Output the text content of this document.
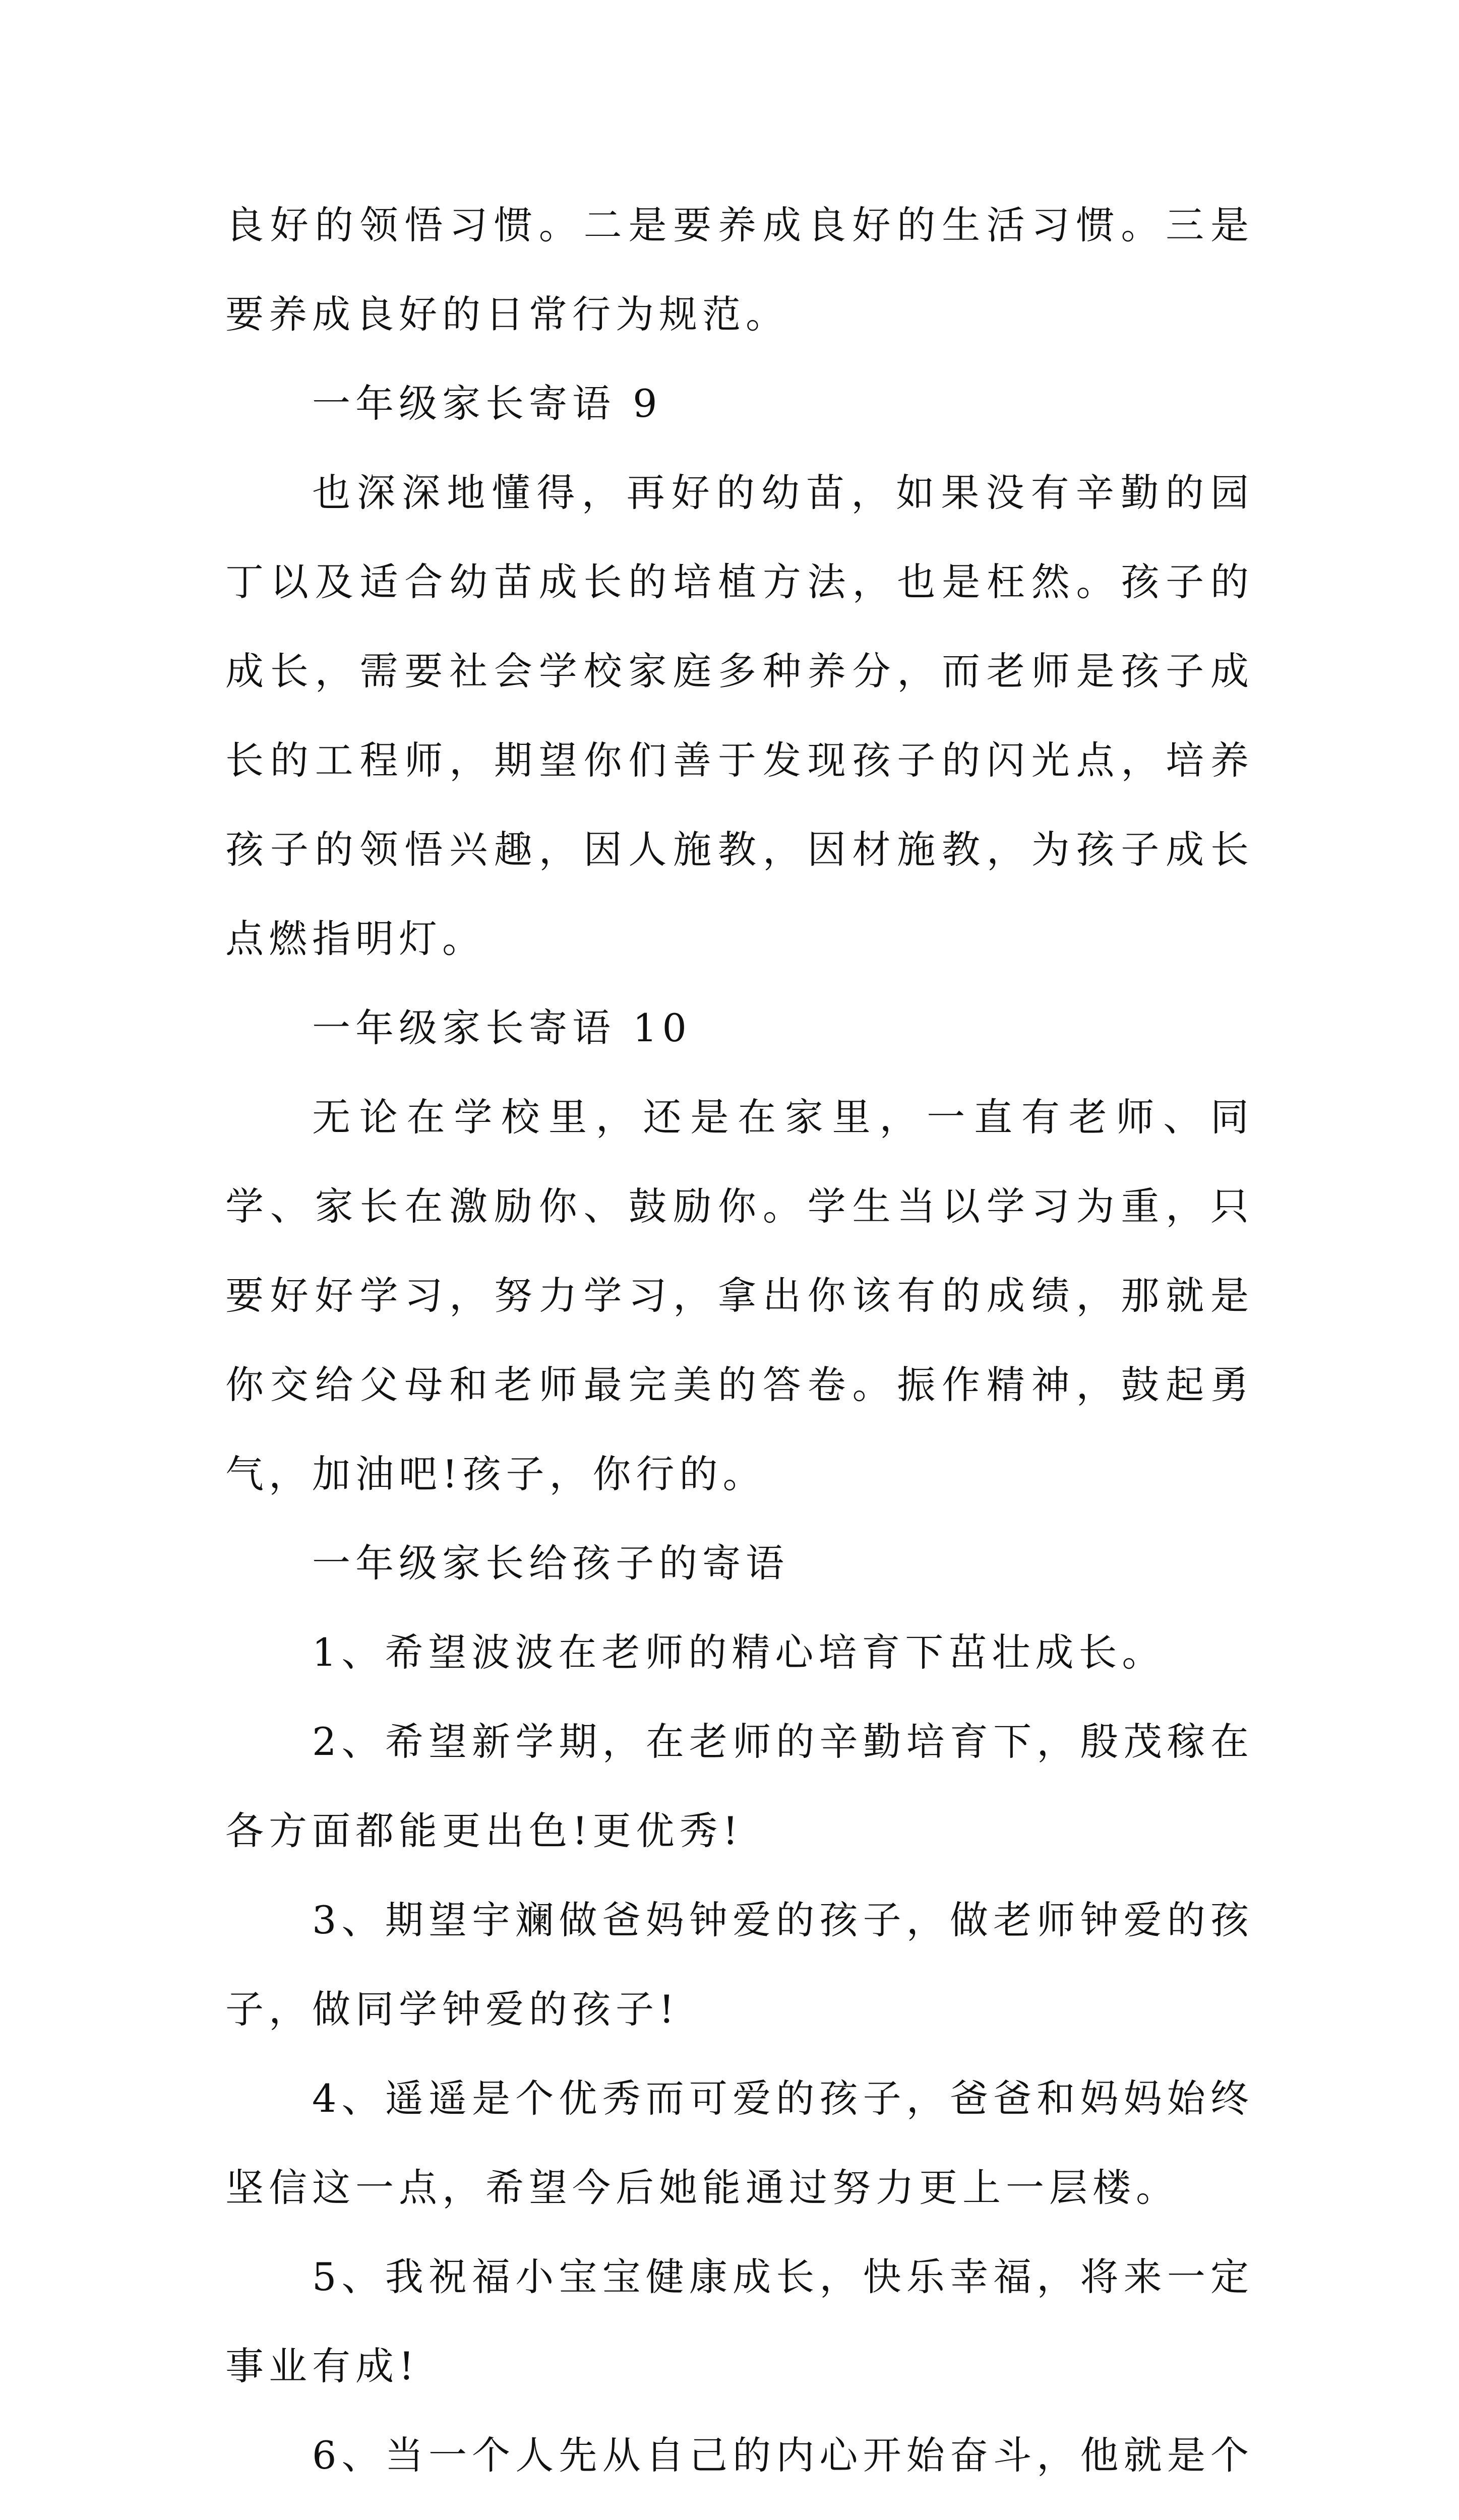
良好的领悟习惯。二是要养成良好的生活习惯。三是要养成良好的日常行为规范。

一年级家长寄语 9

也深深地懂得，再好的幼苗，如果没有辛勤的园丁以及适合幼苗成长的培植方法，也是枉然。孩子的成长，需要社会学校家庭多种养分，而老师是孩子成长的工程师，期望你们善于发现孩子的闪光点，培养孩子的领悟兴趣，因人施教，因材施教，为孩子成长点燃指明灯。

一年级家长寄语 10

无论在学校里，还是在家里，一直有老师、同学、家长在激励你、鼓励你。学生当以学习为重，只要好好学习，努力学习，拿出你该有的成绩，那就是你交给父母和老师最完美的答卷。振作精神，鼓起勇气，加油吧!孩子，你行的。

一年级家长给孩子的寄语

1、希望波波在老师的精心培育下茁壮成长。

2、希望新学期，在老师的辛勤培育下，殷茂稼在各方面都能更出色!更优秀!

3、期望宇斓做爸妈钟爱的孩子，做老师钟爱的孩子，做同学钟爱的孩子!

4、遥遥是个优秀而可爱的孩子，爸爸和妈妈始终坚信这一点，希望今后她能通过努力更上一层楼。

5、我祝福小宝宝健康成长，快乐幸福，将来一定事业有成!

6、当一个人先从自己的内心开始奋斗，他就是个
